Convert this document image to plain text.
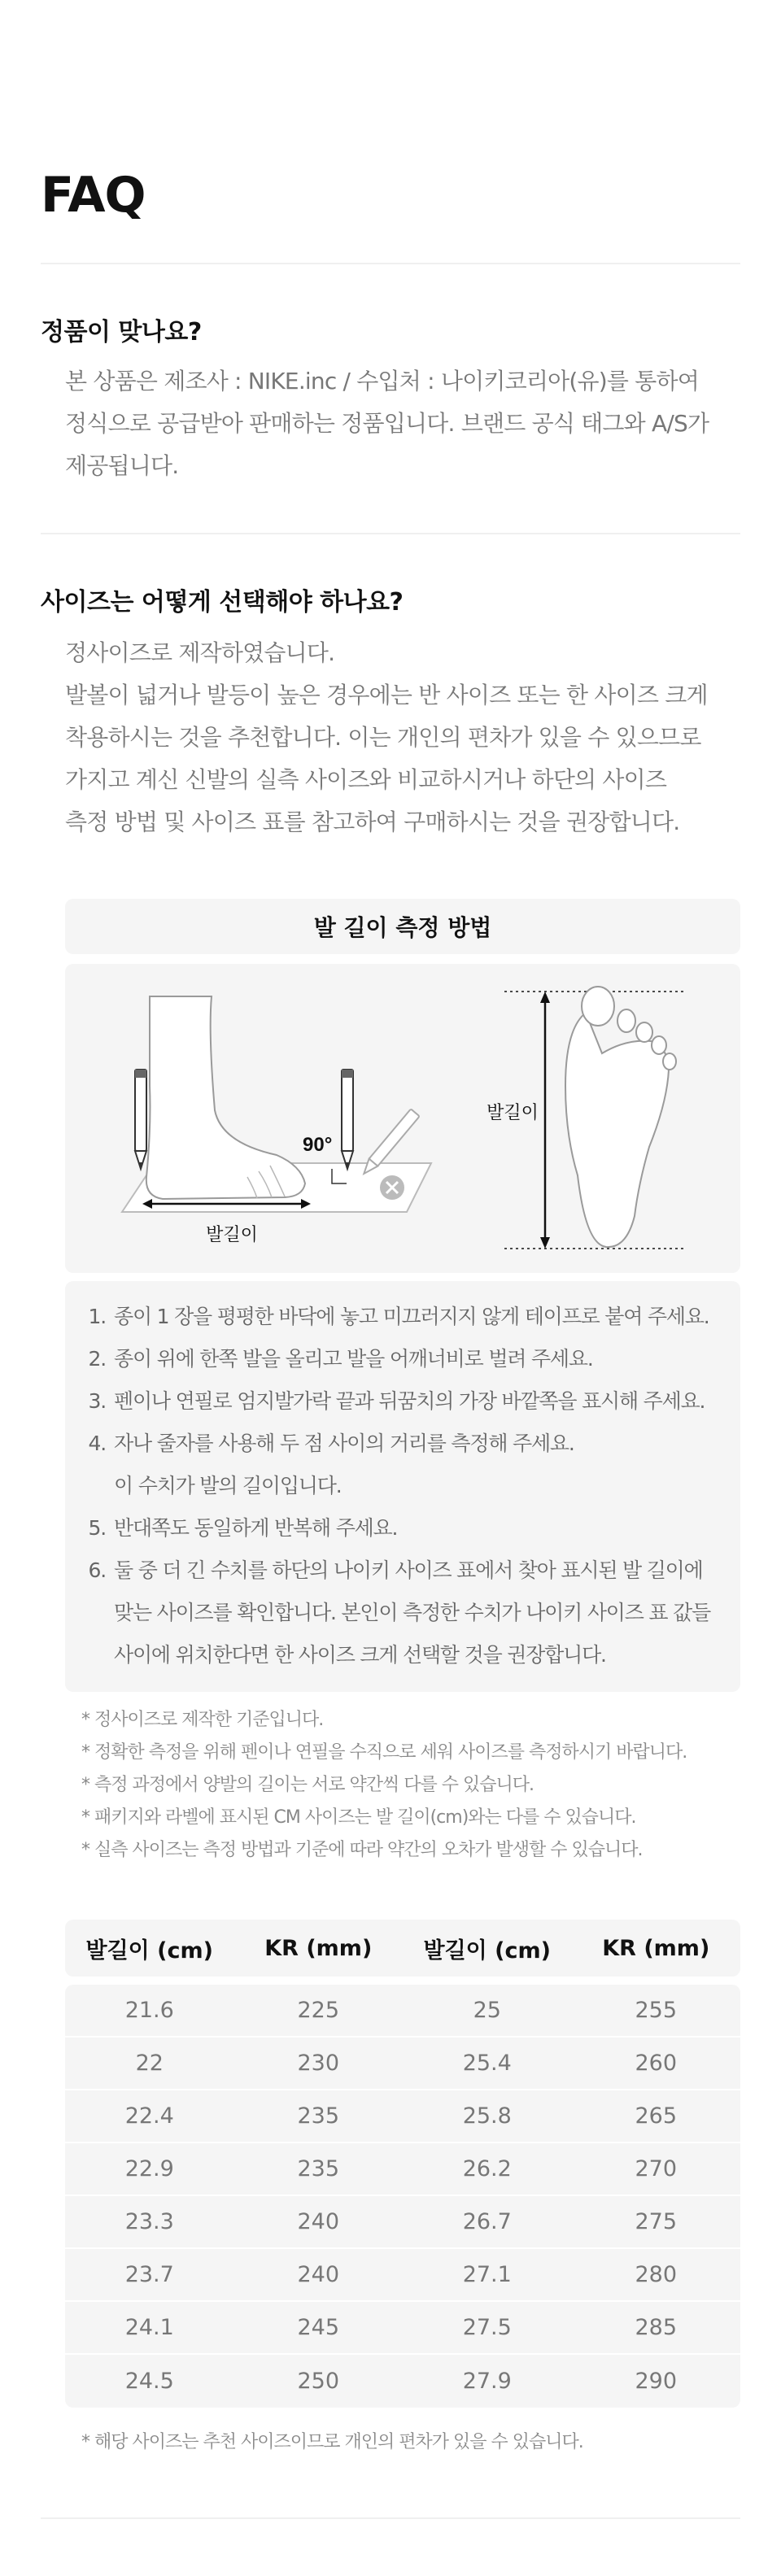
FAQ
정품이 맞나요?
본 상품은 제조사 : NIKE.inc / 수입처 : 나이키코리아(유)를 통하여
정식으로 공급받아 판매하는 정품입니다. 브랜드 공식 태그와 A/S가
제공됩니다.
사이즈는 어떻게 선택해야 하나요?
정사이즈로 제작하였습니다.
발볼이 넓거나 발등이 높은 경우에는 반 사이즈 또는 한 사이즈 크게
착용하시는 것을 추천합니다. 이는 개인의 편차가 있을 수 있으므로
가지고 계신 신발의 실측 사이즈와 비교하시거나 하단의 사이즈
측정 방법 및 사이즈 표를 참고하여 구매하시는 것을 권장합니다.
발 길이 측정 방법
90°
발길이
발길이
1. 종이 1 장을 평평한 바닥에 놓고 미끄러지지 않게 테이프로 붙여 주세요.
2. 종이 위에 한쪽 발을 올리고 발을 어깨너비로 벌려 주세요.
3. 펜이나 연필로 엄지발가락 끝과 뒤꿈치의 가장 바깥쪽을 표시해 주세요.
4. 자나 줄자를 사용해 두 점 사이의 거리를 측정해 주세요.
이 수치가 발의 길이입니다.
5. 반대쪽도 동일하게 반복해 주세요.
6. 둘 중 더 긴 수치를 하단의 나이키 사이즈 표에서 찾아 표시된 발 길이에
맞는 사이즈를 확인합니다. 본인이 측정한 수치가 나이키 사이즈 표 값들
사이에 위치한다면 한 사이즈 크게 선택할 것을 권장합니다.
* 정사이즈로 제작한 기준입니다.
* 정확한 측정을 위해 펜이나 연필을 수직으로 세워 사이즈를 측정하시기 바랍니다.
* 측정 과정에서 양발의 길이는 서로 약간씩 다를 수 있습니다.
* 패키지와 라벨에 표시된 CM 사이즈는 발 길이(cm)와는 다를 수 있습니다.
* 실측 사이즈는 측정 방법과 기준에 따라 약간의 오차가 발생할 수 있습니다.
발길이 (cm)	KR (mm)	발길이 (cm)	KR (mm)
21.6	225	25	255
22	230	25.4	260
22.4	235	25.8	265
22.9	235	26.2	270
23.3	240	26.7	275
23.7	240	27.1	280
24.1	245	27.5	285
24.5	250	27.9	290
* 해당 사이즈는 추천 사이즈이므로 개인의 편차가 있을 수 있습니다.
